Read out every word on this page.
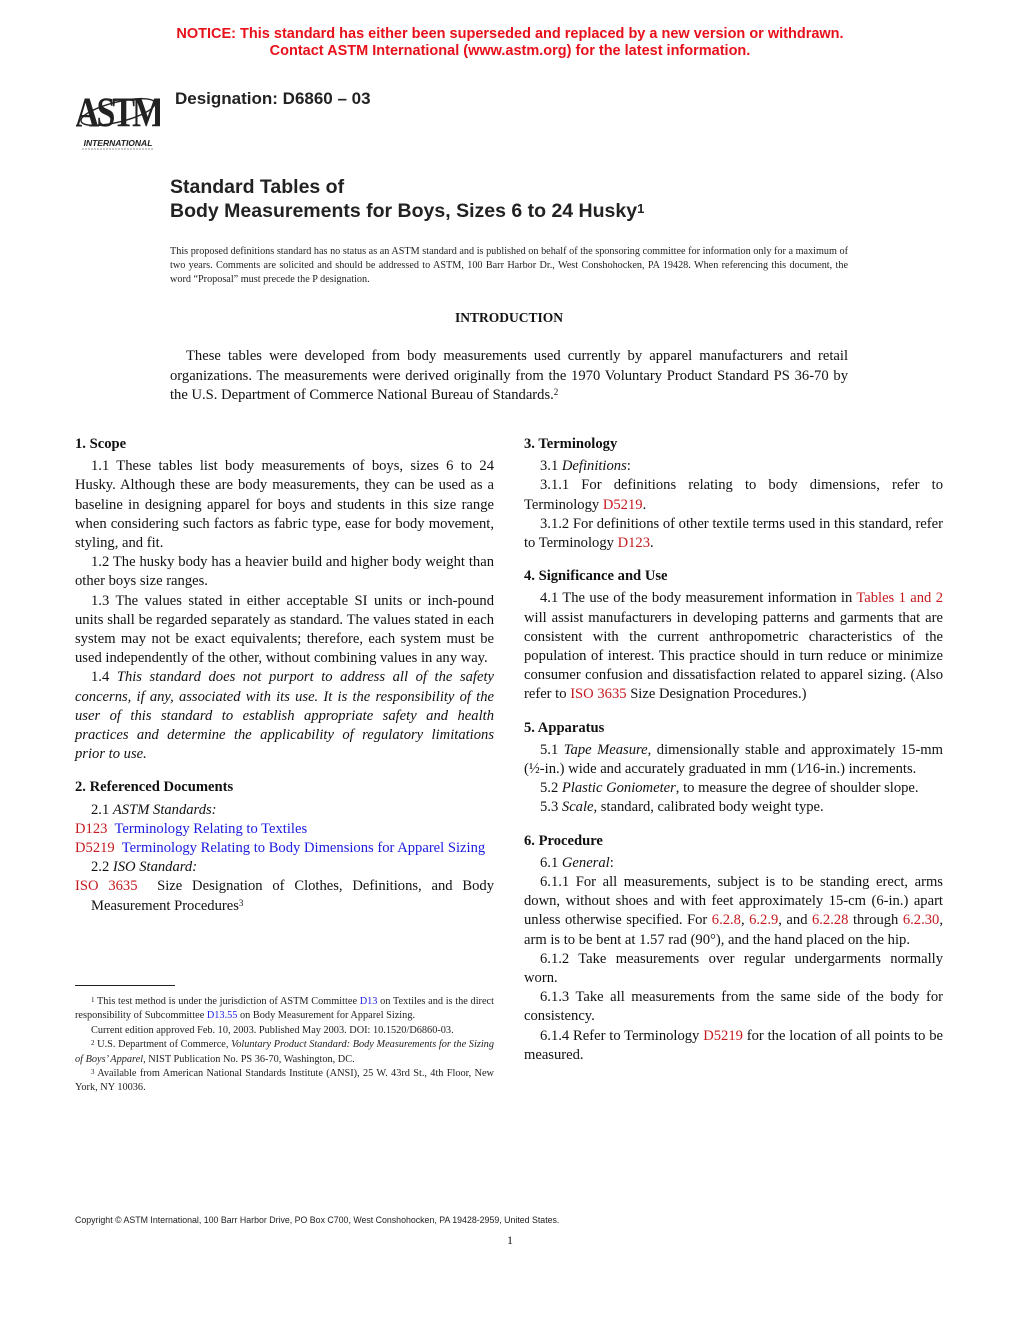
NOTICE: This standard has either been superseded and replaced by a new version or withdrawn.
Contact ASTM International (www.astm.org) for the latest information.
ASTM
INTERNATIONAL
Designation: D6860 – 03
Standard Tables of
Body Measurements for Boys, Sizes 6 to 24 Husky$^1$
This proposed definitions standard has no status as an ASTM standard and is published on behalf of the sponsoring committee for information only for a maximum of two years. Comments are solicited and should be addressed to ASTM, 100 Barr Harbor Dr., West Conshohocken, PA 19428. When referencing this document, the word “Proposal” must precede the P designation.
INTRODUCTION

These tables were developed from body measurements used currently by apparel manufacturers and retail organizations. The measurements were derived originally from the 1970 Voluntary Product Standard PS 36-70 by the U.S. Department of Commerce National Bureau of Standards.$^2$

1. Scope

1.1 These tables list body measurements of boys, sizes 6 to 24 Husky. Although these are body measurements, they can be used as a baseline in designing apparel for boys and students in this size range when considering such factors as fabric type, ease for body movement, styling, and fit.

1.2 The husky body has a heavier build and higher body weight than other boys size ranges.

1.3 The values stated in either acceptable SI units or inch-pound units shall be regarded separately as standard. The values stated in each system may not be exact equivalents; therefore, each system must be used independently of the other, without combining values in any way.

1.4 This standard does not purport to address all of the safety concerns, if any, associated with its use. It is the responsibility of the user of this standard to establish appropriate safety and health practices and determine the applicability of regulatory limitations prior to use.

2. Referenced Documents

2.1 ASTM Standards:

D123 Terminology Relating to Textiles

D5219 Terminology Relating to Body Dimensions for Apparel Sizing

2.2 ISO Standard:

ISO 3635 Size Designation of Clothes, Definitions, and Body Measurement Procedures$^3$

$^1$ This test method is under the jurisdiction of ASTM Committee D13 on Textiles and is the direct responsibility of Subcommittee D13.55 on Body Measurement for Apparel Sizing.

Current edition approved Feb. 10, 2003. Published May 2003. DOI: 10.1520/D6860-03.

$^2$ U.S. Department of Commerce, Voluntary Product Standard: Body Measurements for the Sizing of Boys’ Apparel, NIST Publication No. PS 36-70, Washington, DC.

$^3$ Available from American National Standards Institute (ANSI), 25 W. 43rd St., 4th Floor, New York, NY 10036.

3. Terminology

3.1 Definitions:

3.1.1 For definitions relating to body dimensions, refer to Terminology D5219.

3.1.2 For definitions of other textile terms used in this standard, refer to Terminology D123.

4. Significance and Use

4.1 The use of the body measurement information in Tables 1 and 2 will assist manufacturers in developing patterns and garments that are consistent with the current anthropometric characteristics of the population of interest. This practice should in turn reduce or minimize consumer confusion and dissatisfaction related to apparel sizing. (Also refer to ISO 3635 Size Designation Procedures.)

5. Apparatus

5.1 Tape Measure, dimensionally stable and approximately 15-mm (½-in.) wide and accurately graduated in mm (1⁄16-in.) increments.

5.2 Plastic Goniometer, to measure the degree of shoulder slope.

5.3 Scale, standard, calibrated body weight type.

6. Procedure

6.1 General:

6.1.1 For all measurements, subject is to be standing erect, arms down, without shoes and with feet approximately 15-cm (6-in.) apart unless otherwise specified. For 6.2.8, 6.2.9, and 6.2.28 through 6.2.30, arm is to be bent at 1.57 rad (90°), and the hand placed on the hip.

6.1.2 Take measurements over regular undergarments normally worn.

6.1.3 Take all measurements from the same side of the body for consistency.

6.1.4 Refer to Terminology D5219 for the location of all points to be measured.

Copyright © ASTM International, 100 Barr Harbor Drive, PO Box C700, West Conshohocken, PA 19428-2959, United States.
1
